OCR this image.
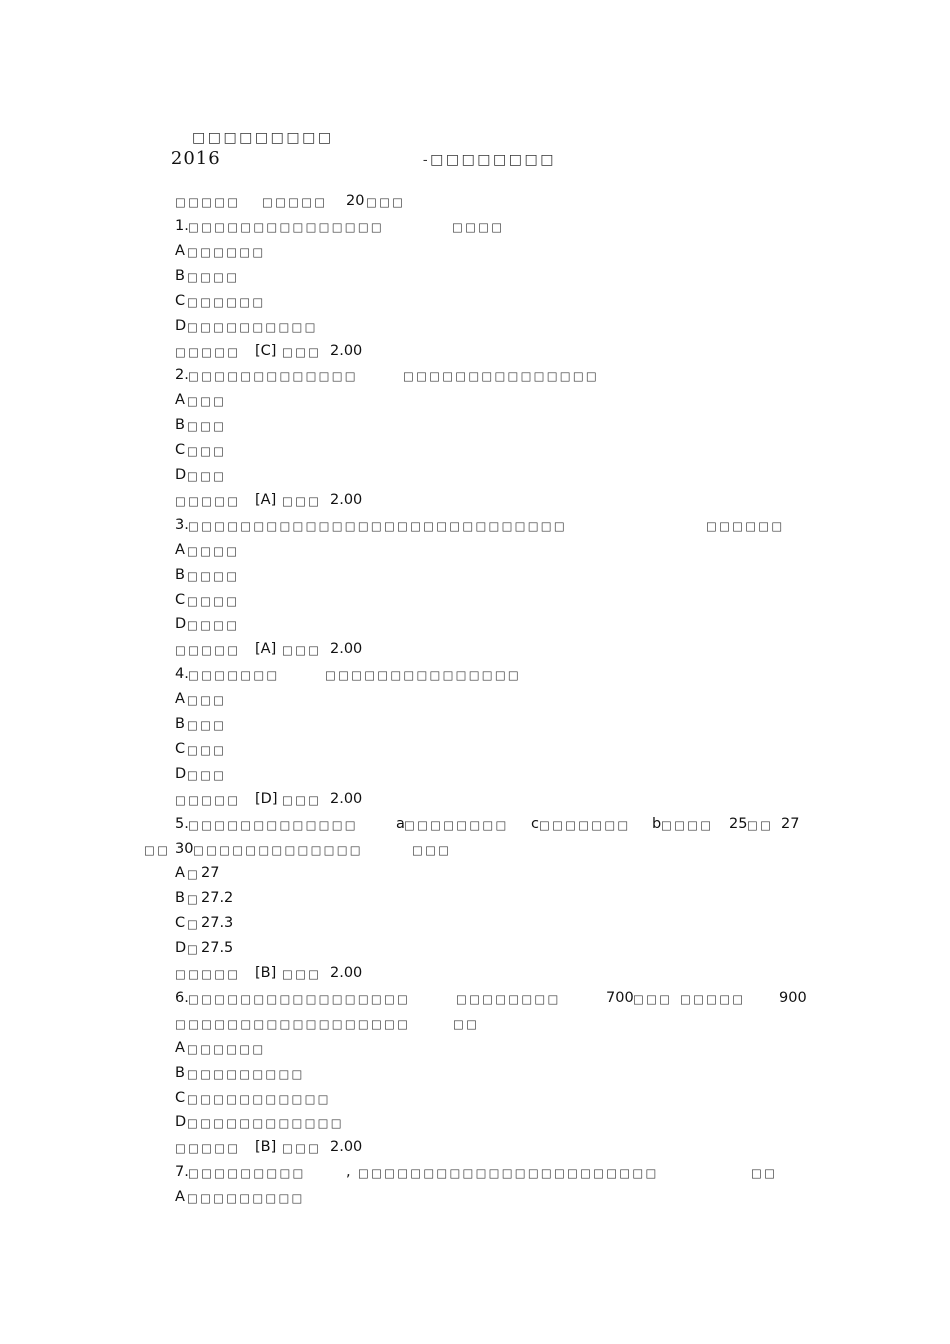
2016

□□□□□□□□□

-□□□□□□□□

□□□□□ □□□□□ 20 □□□
1. □□□□□□□□□□□□□□□	□□□□
A □□□□□□
B □□□□
C □□□□□□
D □□□□□□□□□□
□□□□□ [C] □□□ 2.00
2. □□□□□□□□□□□□□	□□□□□□□□□□□□□□□
A □□□
B □□□
C □□□
D □□□
□□□□□ [A] □□□ 2.00
3. □□□□□□□□□□□□□□□□□□□□□□□□□□□□□	□□□□□□
A □□□□
B □□□□
C □□□□
D □□□□
□□□□□ [A] □□□ 2.00
4. □□□□□□□	□□□□□□□□□□□□□□□
A □□□
B □□□
C □□□
D □□□
□□□□□ [D] □□□ 2.00
5. □□□□□□□□□□□□□	a □□□□□□□□ c □□□□□□□ b □□□□ 25 □□ 27
□□ 30 □□□□□□□□□□□□□	□□□
A □ 27
B □ 27.2
C □ 27.3
D □ 27.5
□□□□□ [B] □□□ 2.00
6. □□□□□□□□□□□□□□□□□	□□□□□□□□	700 □□□ □□□□□ 900
□□□□□□□□□□□□□□□□□□	□□
A □□□□□□
B □□□□□□□□□
C □□□□□□□□□□□
D □□□□□□□□□□□□
□□□□□ [B] □□□ 2.00
7. □□□□□□□□□	, □□□□□□□□□□□□□□□□□□□□□□□	□□
A □□□□□□□□□
